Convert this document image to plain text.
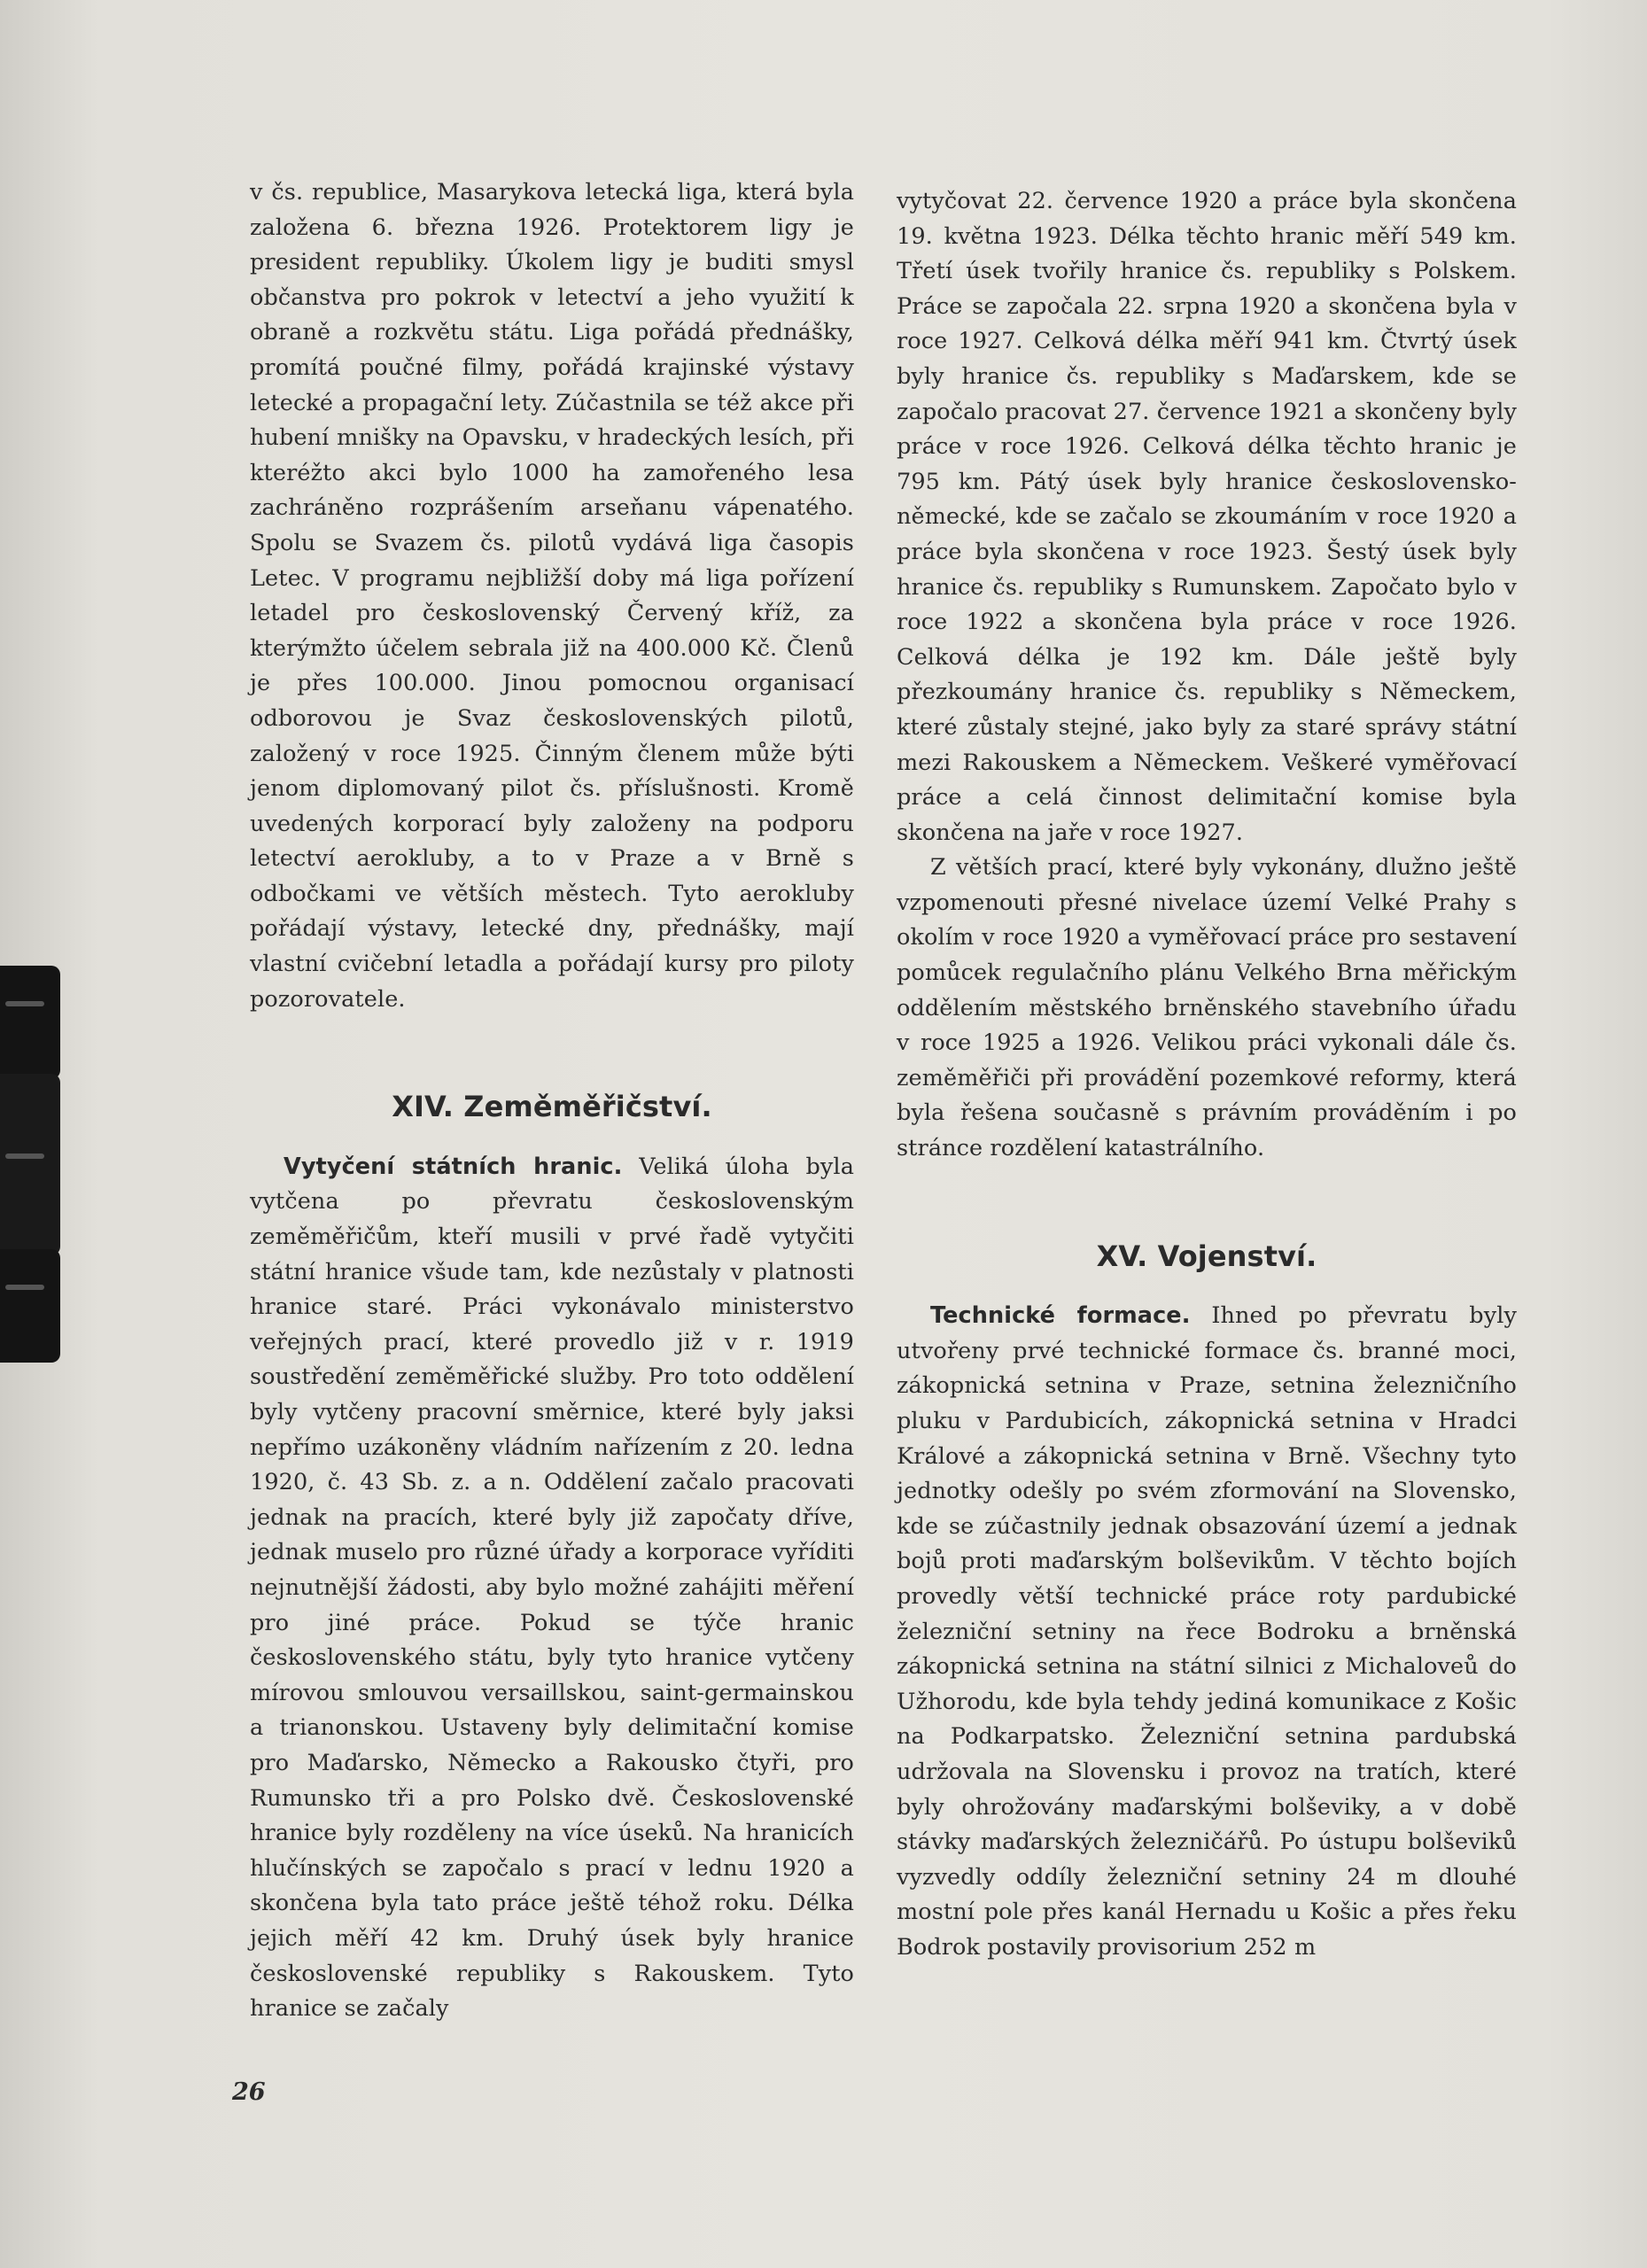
v čs. republice, Masarykova letecká liga, která byla založena 6. března 1926. Protektorem ligy je president republiky. Úkolem ligy je buditi smysl občanstva pro pokrok v letectví a jeho využití k obraně a rozkvětu státu. Liga pořádá přednášky, promítá poučné filmy, pořádá krajinské výstavy letecké a propagační lety. Zúčastnila se též akce při hubení mnišky na Opavsku, v hradeckých lesích, při kteréžto akci bylo 1000 ha zamořeného lesa zachráněno rozprášením arseňanu vápenatého. Spolu se Svazem čs. pilotů vydává liga časopis Letec. V programu nejbližší doby má liga pořízení letadel pro československý Červený kříž, za kterýmžto účelem sebrala již na 400.000 Kč. Členů je přes 100.000. Jinou pomocnou organisací odborovou je Svaz československých pilotů, založený v roce 1925. Činným členem může býti jenom diplomovaný pilot čs. příslušnosti. Kromě uvedených korporací byly založeny na podporu letectví aerokluby, a to v Praze a v Brně s odbočkami ve větších městech. Tyto aerokluby pořádají výstavy, letecké dny, přednášky, mají vlastní cvičební letadla a pořádají kursy pro piloty pozorovatele.

XIV. Zeměměřičství.

Vytyčení státních hranic. Veliká úloha byla vytčena po převratu československým zeměměřičům, kteří musili v prvé řadě vytyčiti státní hranice všude tam, kde nezůstaly v platnosti hranice staré. Práci vykonávalo ministerstvo veřejných prací, které provedlo již v r. 1919 soustředění zeměměřické služby. Pro toto oddělení byly vytčeny pracovní směrnice, které byly jaksi nepřímo uzákoněny vládním nařízením z 20. ledna 1920, č. 43 Sb. z. a n. Oddělení začalo pracovati jednak na pracích, které byly již započaty dříve, jednak muselo pro různé úřady a korporace vyříditi nejnutnější žádosti, aby bylo možné zahájiti měření pro jiné práce. Pokud se týče hranic československého státu, byly tyto hranice vytčeny mírovou smlouvou versaillskou, saint-germainskou a trianonskou. Ustaveny byly delimitační komise pro Maďarsko, Německo a Rakousko čtyři, pro Rumunsko tři a pro Polsko dvě. Československé hranice byly rozděleny na více úseků. Na hranicích hlučínských se započalo s prací v lednu 1920 a skončena byla tato práce ještě téhož roku. Délka jejich měří 42 km. Druhý úsek byly hranice československé republiky s Rakouskem. Tyto hranice se začaly

vytyčovat 22. července 1920 a práce byla skončena 19. května 1923. Délka těchto hranic měří 549 km. Třetí úsek tvořily hranice čs. republiky s Polskem. Práce se započala 22. srpna 1920 a skončena byla v roce 1927. Celková délka měří 941 km. Čtvrtý úsek byly hranice čs. republiky s Maďarskem, kde se započalo pracovat 27. července 1921 a skončeny byly práce v roce 1926. Celková délka těchto hranic je 795 km. Pátý úsek byly hranice československo-německé, kde se začalo se zkoumáním v roce 1920 a práce byla skončena v roce 1923. Šestý úsek byly hranice čs. republiky s Rumunskem. Započato bylo v roce 1922 a skončena byla práce v roce 1926. Celková délka je 192 km. Dále ještě byly přezkoumány hranice čs. republiky s Německem, které zůstaly stejné, jako byly za staré správy státní mezi Rakouskem a Německem. Veškeré vyměřovací práce a celá činnost delimitační komise byla skončena na jaře v roce 1927.

Z větších prací, které byly vykonány, dlužno ještě vzpomenouti přesné nivelace území Velké Prahy s okolím v roce 1920 a vyměřovací práce pro sestavení pomůcek regulačního plánu Velkého Brna měřickým oddělením městského brněnského stavebního úřadu v roce 1925 a 1926. Velikou práci vykonali dále čs. zeměměřiči při provádění pozemkové reformy, která byla řešena současně s právním prováděním i po stránce rozdělení katastrálního.

XV. Vojenství.

Technické formace. Ihned po převratu byly utvořeny prvé technické formace čs. branné moci, zákopnická setnina v Praze, setnina železničního pluku v Pardubicích, zákopnická setnina v Hradci Králové a zákopnická setnina v Brně. Všechny tyto jednotky odešly po svém zformování na Slovensko, kde se zúčastnily jednak obsazování území a jednak bojů proti maďarským bolševikům. V těchto bojích provedly větší technické práce roty pardubické železniční setniny na řece Bodroku a brněnská zákopnická setnina na státní silnici z Michaloveů do Užhorodu, kde byla tehdy jediná komunikace z Košic na Podkarpatsko. Železniční setnina pardubská udržovala na Slovensku i provoz na tratích, které byly ohrožovány maďarskými bolševiky, a v době stávky maďarských železničářů. Po ústupu bolševiků vyzvedly oddíly železniční setniny 24 m dlouhé mostní pole přes kanál Hernadu u Košic a přes řeku Bodrok postavily provisorium 252 m

26
